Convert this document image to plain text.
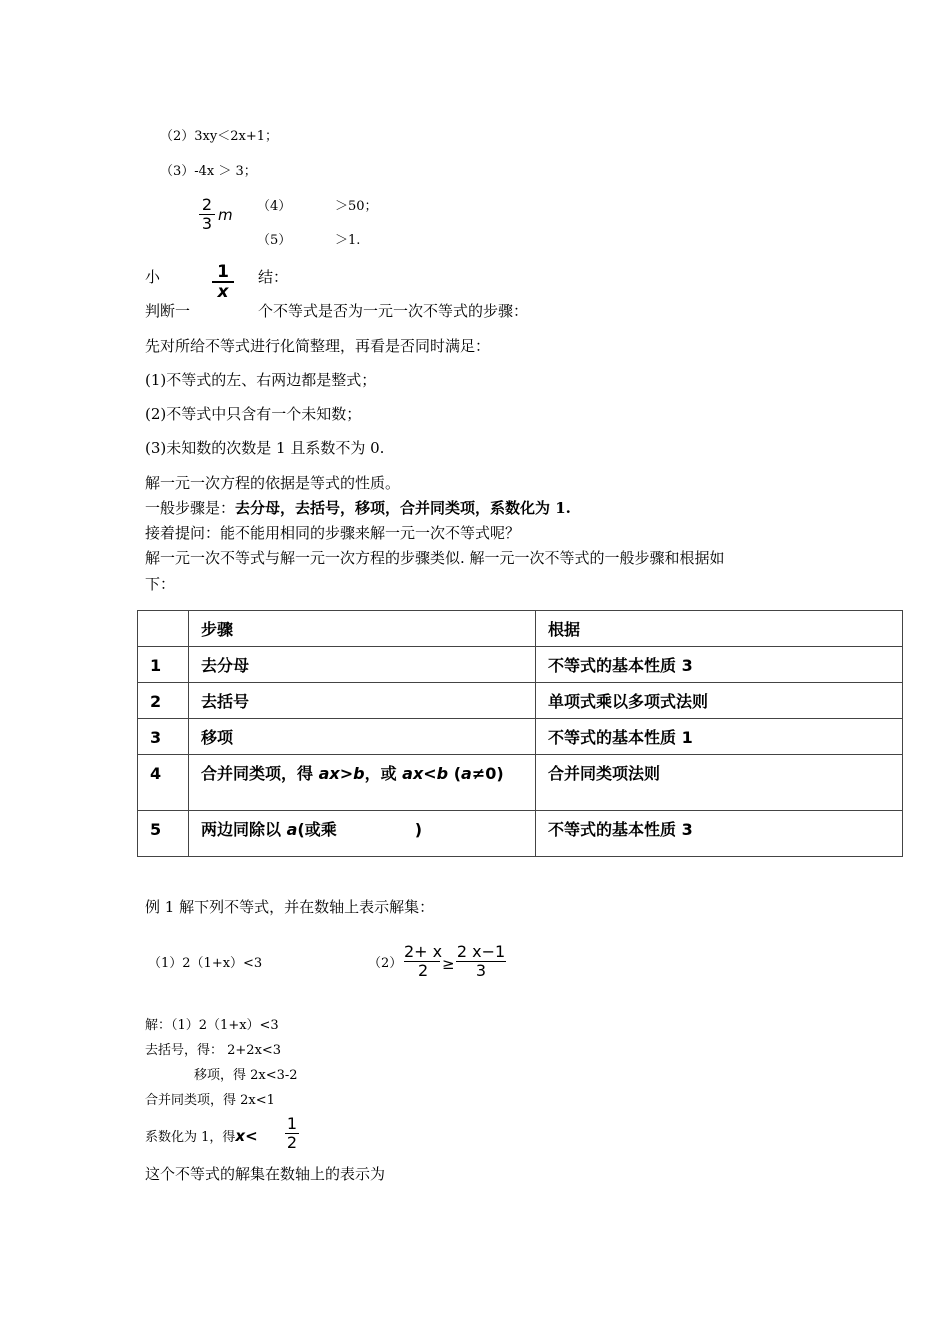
（2）3xy＜2x+1；
（3）-4x ＞ 3；
2
3 m （4）	＞50；
（5）	＞1.
小	1
x
结：
判断一	个不等式是否为一元一次不等式的步骤：
先对所给不等式进行化简整理，再看是否同时满足：
(1)不等式的左、右两边都是整式；
(2)不等式中只含有一个未知数；
(3)未知数的次数是 1 且系数不为 0.
解一元一次方程的依据是等式的性质。
一般步骤是：去分母，去括号，移项，合并同类项，系数化为 1.
接着提问：能不能用相同的步骤来解一元一次不等式呢？
解一元一次不等式与解一元一次方程的步骤类似. 解一元一次不等式的一般步骤和根据如
下：
	步骤	根据
1	去分母	不等式的基本性质 3
2	去括号	单项式乘以多项式法则
3	移项	不等式的基本性质 1
4	合并同类项，得 ax>b，或 ax<b (a≠0)	合并同类项法则
5	两边同除以 a(或乘 )	不等式的基本性质 3
例 1 解下列不等式，并在数轴上表示解集：
（1）2（1+x）<3	（2）
2+ x
2 ≥
2 x−1
3
解：（1）2（1+x）<3
去括号，得： 2+2x<3
移项，得 2x<3-2
合并同类项，得 2x<1
系数化为 1，得x<
1
2
这个不等式的解集在数轴上的表示为
